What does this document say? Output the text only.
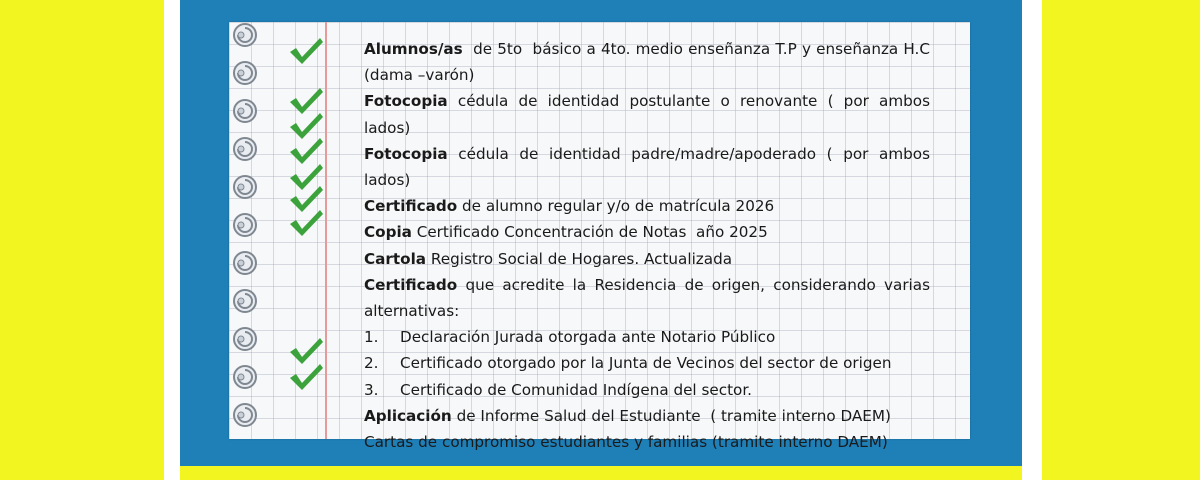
Alumnos/as  de 5to  básico a 4to. medio enseñanza T.P y enseñanza H.C (dama –varón)
Fotocopia cédula de identidad postulante o renovante ( por ambos lados)
Fotocopia cédula de identidad padre/madre/apoderado ( por ambos lados)
Certificado de alumno regular y/o de matrícula 2026
Copia Certificado Concentración de Notas  año 2025
Cartola Registro Social de Hogares. Actualizada
Certificado que acredite la Residencia de origen, considerando varias alternativas:
1.	Declaración Jurada otorgada ante Notario Público
2.	Certificado otorgado por la Junta de Vecinos del sector de origen
3.	Certificado de Comunidad Indígena del sector.
Aplicación de Informe Salud del Estudiante  ( tramite interno DAEM)
Cartas de compromiso estudiantes y familias (tramite interno DAEM)
